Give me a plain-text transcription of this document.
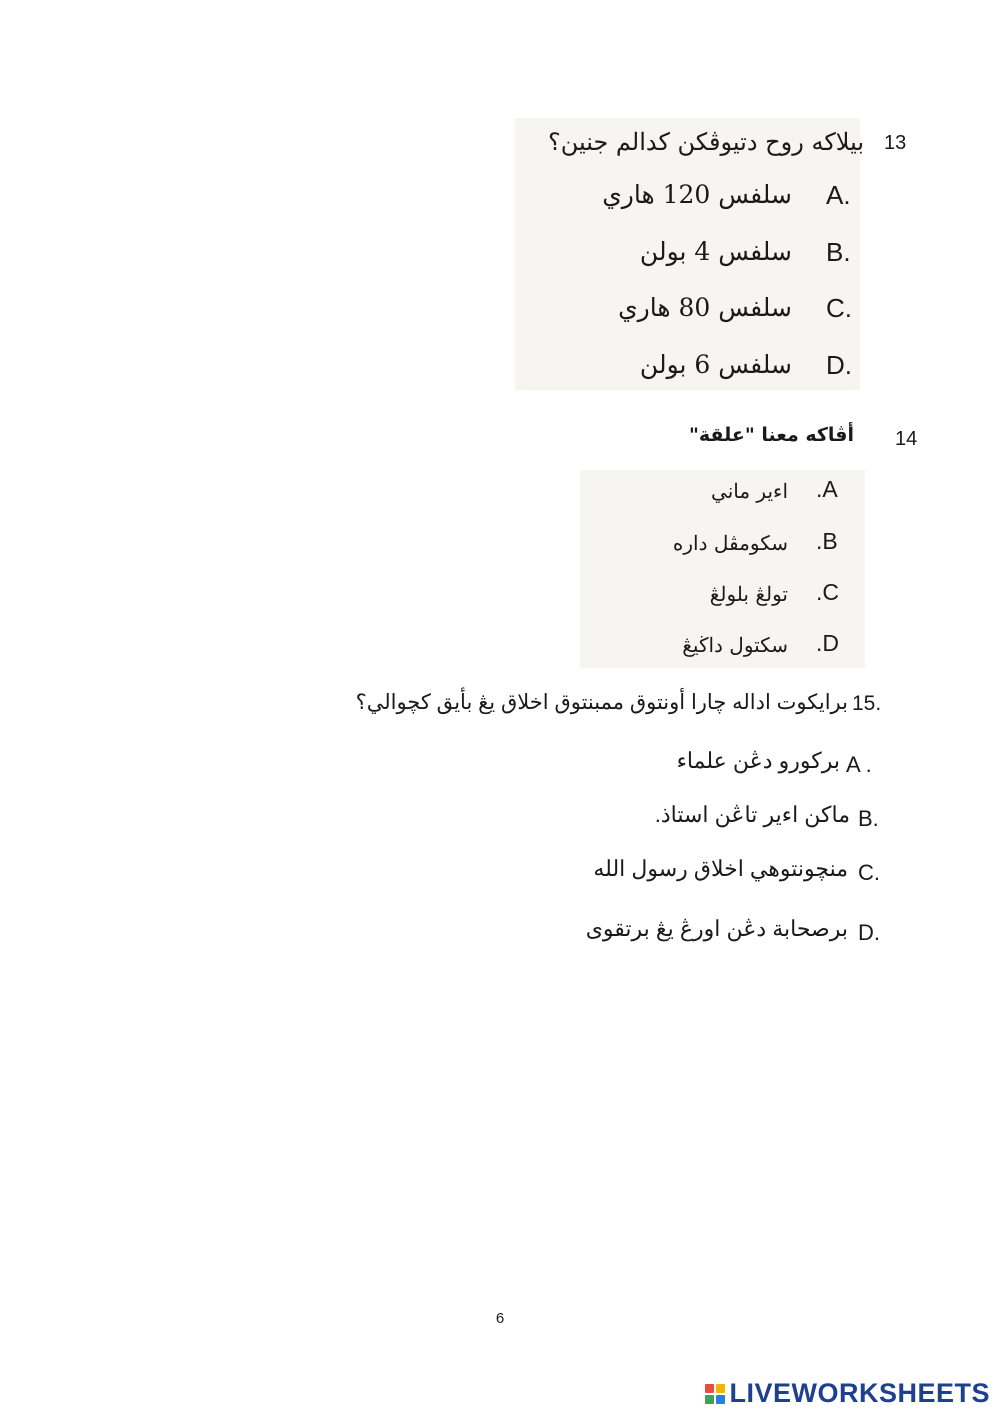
13
بيلاكه روح دتيوڤكن كدالم جنين؟
A.
سلفس 120 هاري
B.
سلفس 4 بولن
C.
سلفس 80 هاري
D.
سلفس 6 بولن
14
أڤاكه معنا "علقة"
.A
اءير ماني
.B
سکومڤل داره
.C
تولڠ بلولڠ
.D
سکتول داڬيڠ
15.
برايکوت اداله چارا أونتوق ممبنتوق اخلاق يڠ بأيق کچوالي؟
A .
برکورو دڠن علماء
B.
ماکن اءير تاڠن استاذ.
C.
منچونتوهي اخلاق رسول الله
D.
برصحابة دڠن اورڠ يڠ برتقوى
6
LIVEWORKSHEETS
